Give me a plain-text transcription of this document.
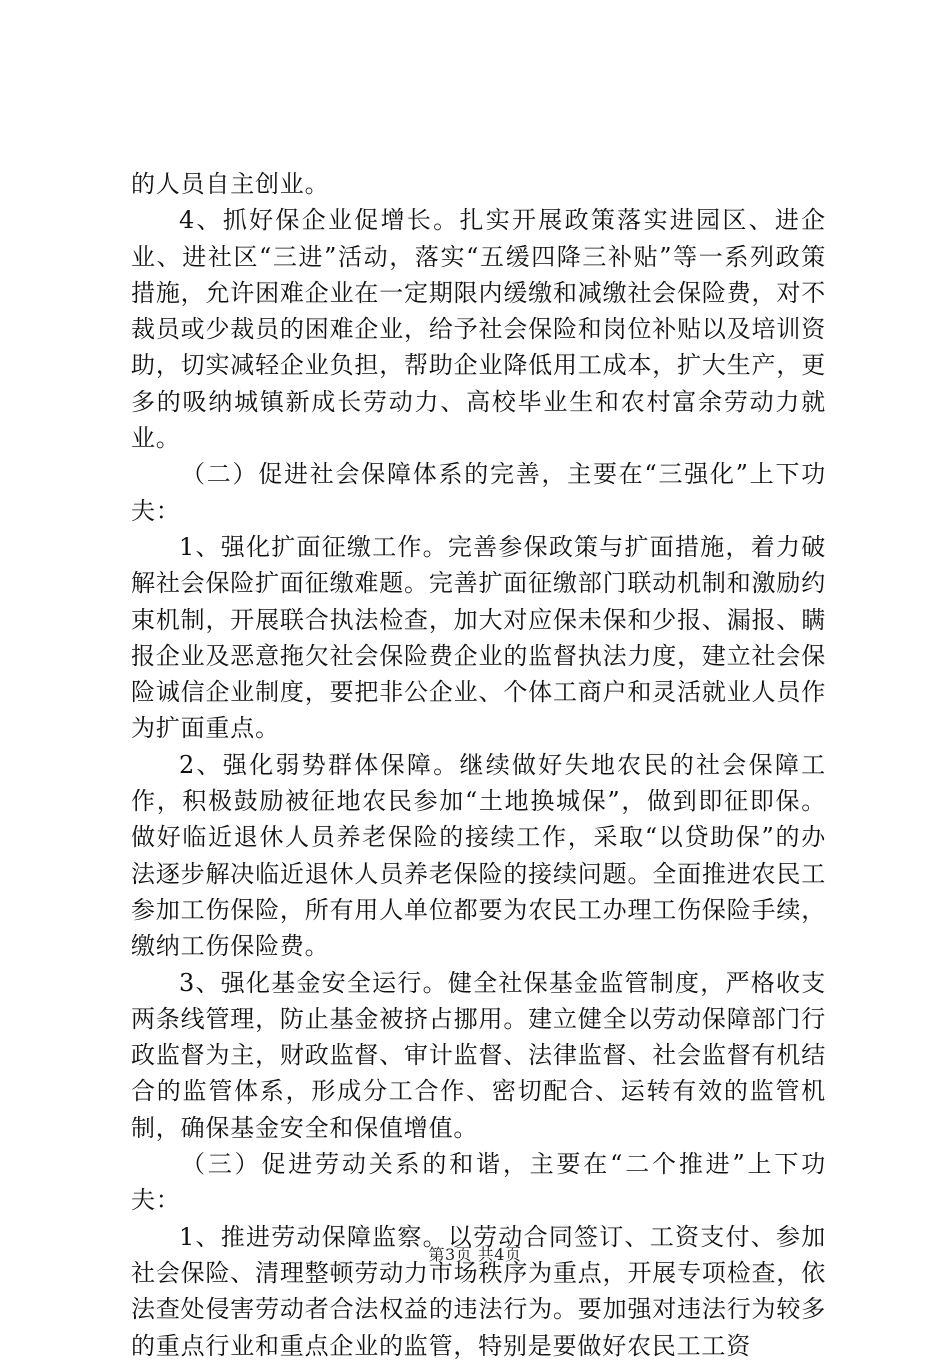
的人员自主创业。

4、抓好保企业促增长。扎实开展政策落实进园区、进企业、进社区“三进”活动，落实“五缓四降三补贴”等一系列政策措施，允许困难企业在一定期限内缓缴和减缴社会保险费，对不裁员或少裁员的困难企业，给予社会保险和岗位补贴以及培训资助，切实减轻企业负担，帮助企业降低用工成本，扩大生产，更多的吸纳城镇新成长劳动力、高校毕业生和农村富余劳动力就业。

（二）促进社会保障体系的完善，主要在“三强化”上下功夫：

1、强化扩面征缴工作。完善参保政策与扩面措施，着力破解社会保险扩面征缴难题。完善扩面征缴部门联动机制和激励约束机制，开展联合执法检查，加大对应保未保和少报、漏报、瞒报企业及恶意拖欠社会保险费企业的监督执法力度，建立社会保险诚信企业制度，要把非公企业、个体工商户和灵活就业人员作为扩面重点。

2、强化弱势群体保障。继续做好失地农民的社会保障工作，积极鼓励被征地农民参加“土地换城保”，做到即征即保。做好临近退休人员养老保险的接续工作，采取“以贷助保”的办法逐步解决临近退休人员养老保险的接续问题。全面推进农民工参加工伤保险，所有用人单位都要为农民工办理工伤保险手续，缴纳工伤保险费。

3、强化基金安全运行。健全社保基金监管制度，严格收支两条线管理，防止基金被挤占挪用。建立健全以劳动保障部门行政监督为主，财政监督、审计监督、法律监督、社会监督有机结合的监管体系，形成分工合作、密切配合、运转有效的监管机制，确保基金安全和保值增值。

（三）促进劳动关系的和谐，主要在“二个推进”上下功夫：

1、推进劳动保障监察。以劳动合同签订、工资支付、参加社会保险、清理整顿劳动力市场秩序为重点，开展专项检查，依法查处侵害劳动者合法权益的违法行为。要加强对违法行为较多的重点行业和重点企业的监管，特别是要做好农民工工资

第3页 共4页
